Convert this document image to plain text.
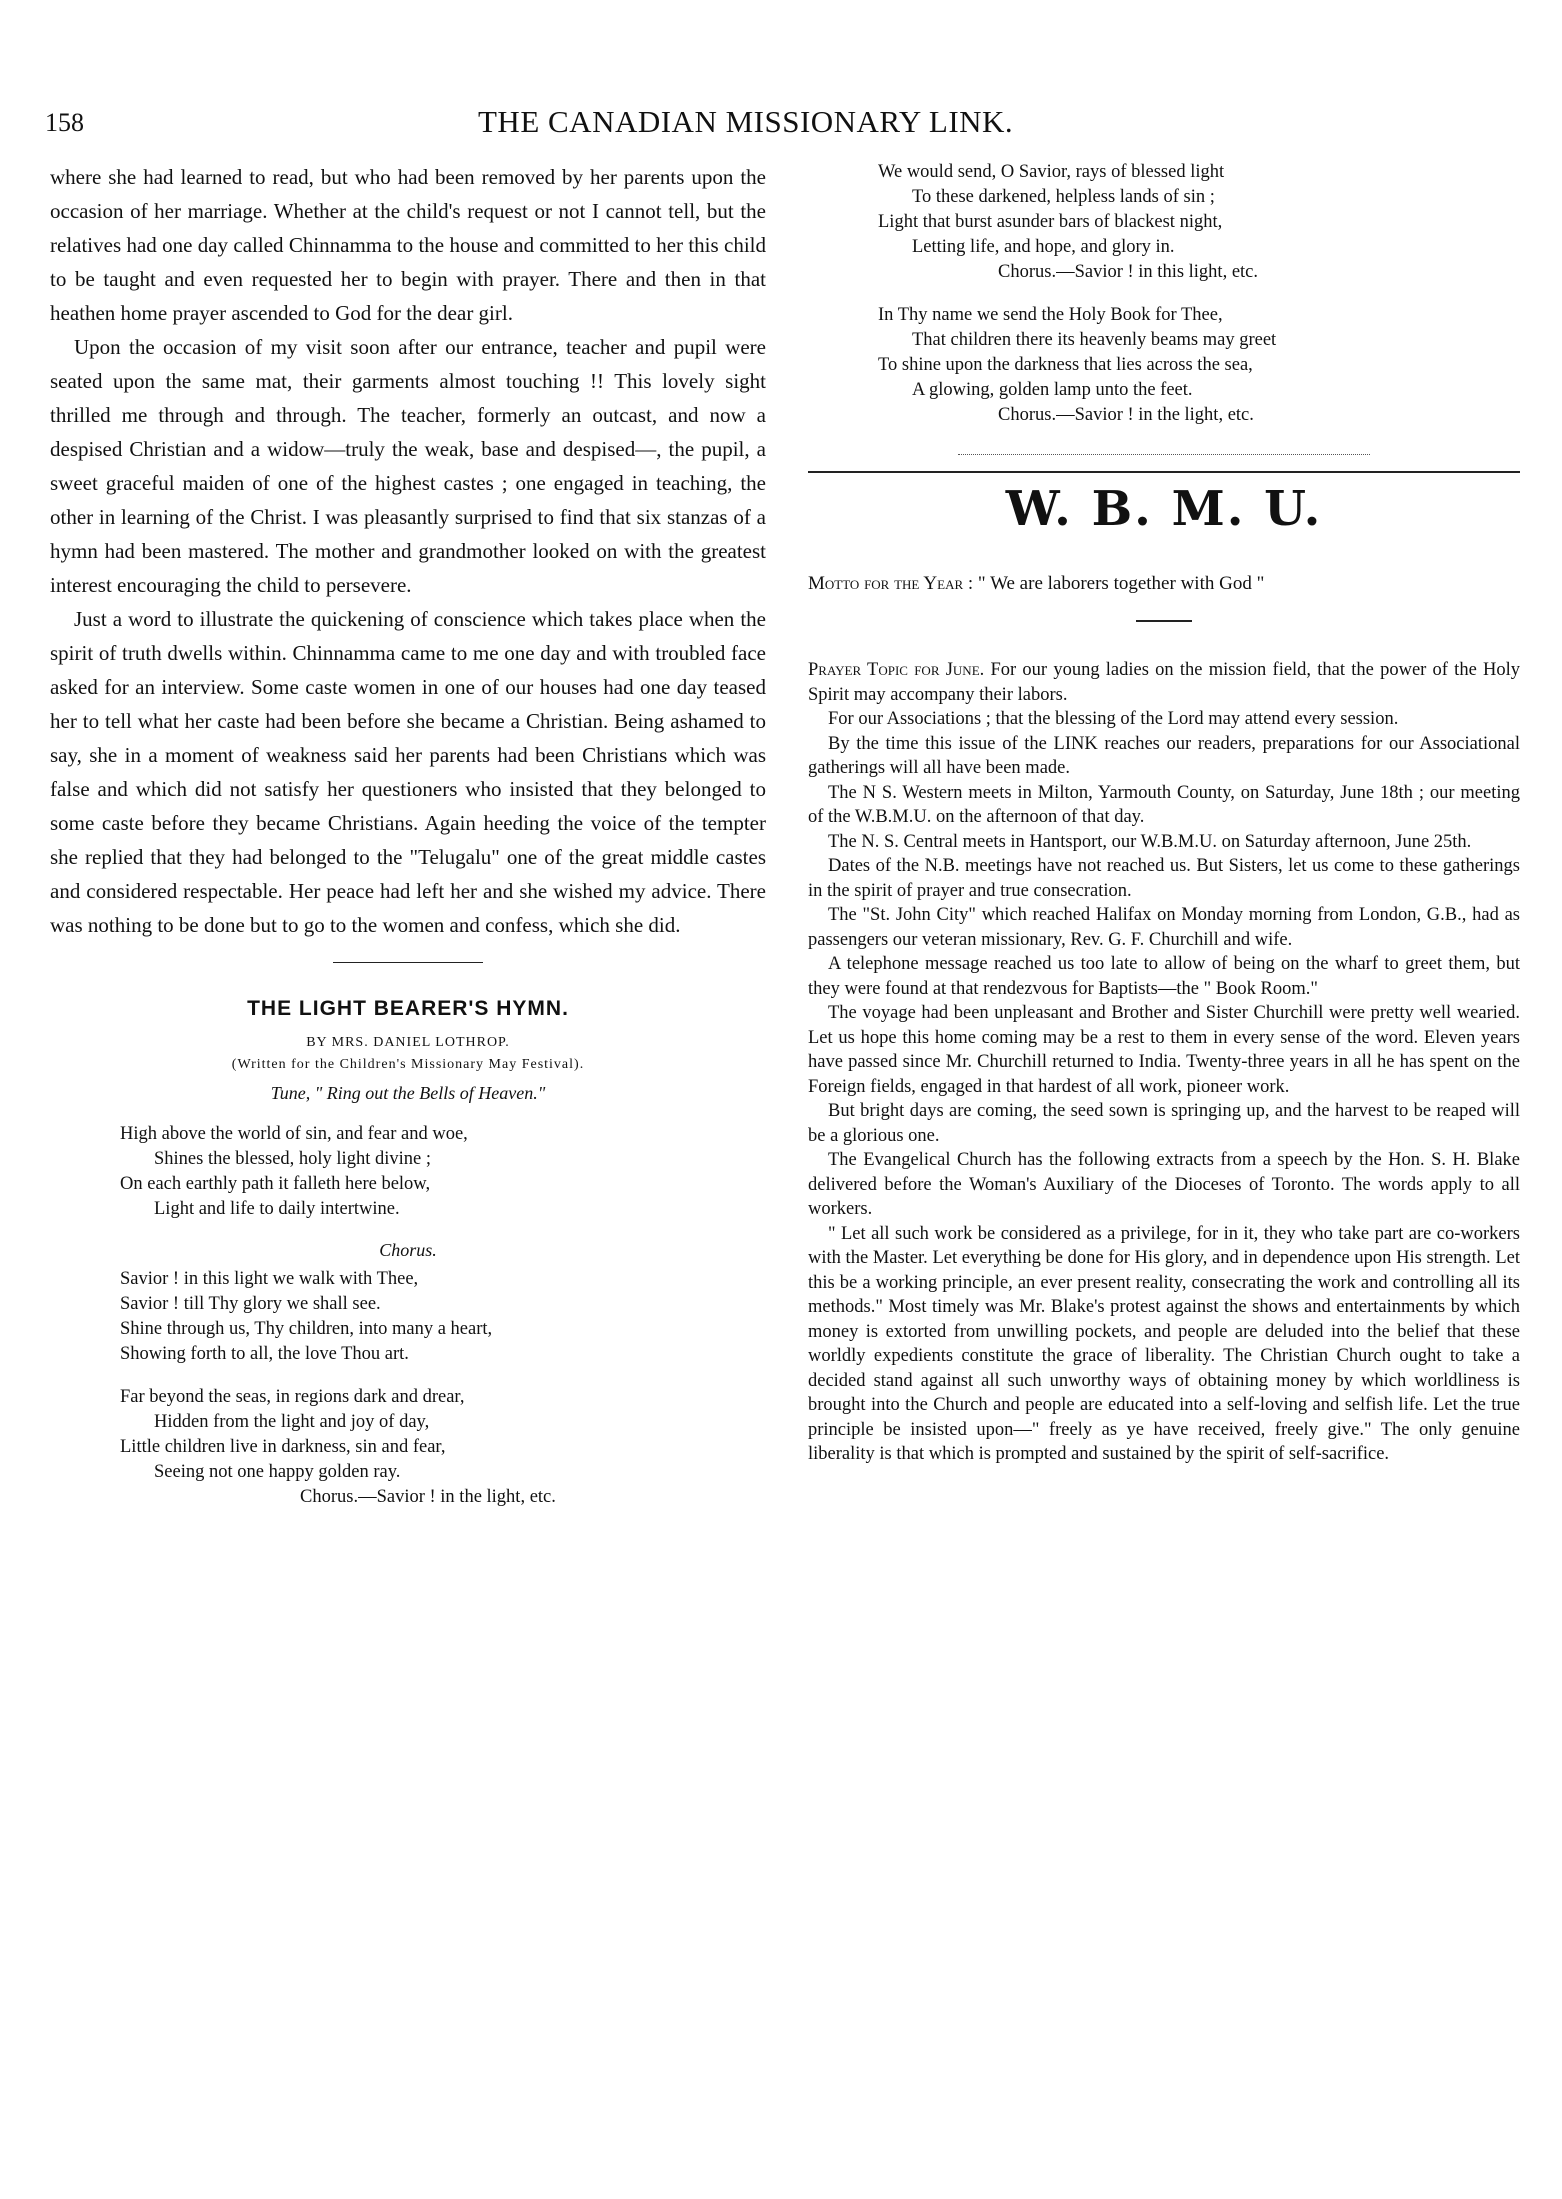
158	THE CANADIAN MISSIONARY LINK.

where she had learned to read, but who had been removed by her parents upon the occasion of her marriage. Whether at the child's request or not I cannot tell, but the relatives had one day called Chinnamma to the house and committed to her this child to be taught and even requested her to begin with prayer. There and then in that heathen home prayer ascended to God for the dear girl.

Upon the occasion of my visit soon after our entrance, teacher and pupil were seated upon the same mat, their garments almost touching !! This lovely sight thrilled me through and through. The teacher, formerly an outcast, and now a despised Christian and a widow—truly the weak, base and despised—, the pupil, a sweet graceful maiden of one of the highest castes ; one engaged in teaching, the other in learning of the Christ. I was pleasantly surprised to find that six stanzas of a hymn had been mastered. The mother and grandmother looked on with the greatest interest encouraging the child to persevere.

Just a word to illustrate the quickening of conscience which takes place when the spirit of truth dwells within. Chinnamma came to me one day and with troubled face asked for an interview. Some caste women in one of our houses had one day teased her to tell what her caste had been before she became a Christian. Being ashamed to say, she in a moment of weakness said her parents had been Christians which was false and which did not satisfy her questioners who insisted that they belonged to some caste before they became Christians. Again heeding the voice of the tempter she replied that they had belonged to the "Telugalu" one of the great middle castes and considered respectable. Her peace had left her and she wished my advice. There was nothing to be done but to go to the women and confess, which she did.

THE LIGHT BEARER'S HYMN.
BY MRS. DANIEL LOTHROP.
(Written for the Children's Missionary May Festival).
Tune, " Ring out the Bells of Heaven."
High above the world of sin, and fear and woe,
Shines the blessed, holy light divine ;
On each earthly path it falleth here below,
Light and life to daily intertwine.
Chorus.
Savior ! in this light we walk with Thee,
Savior ! till Thy glory we shall see.
Shine through us, Thy children, into many a heart,
Showing forth to all, the love Thou art.
Far beyond the seas, in regions dark and drear,
Hidden from the light and joy of day,
Little children live in darkness, sin and fear,
Seeing not one happy golden ray.
Chorus.—Savior ! in the light, etc.
We would send, O Savior, rays of blessed light
To these darkened, helpless lands of sin ;
Light that burst asunder bars of blackest night,
Letting life, and hope, and glory in.
Chorus.—Savior ! in this light, etc.
In Thy name we send the Holy Book for Thee,
That children there its heavenly beams may greet
To shine upon the darkness that lies across the sea,
A glowing, golden lamp unto the feet.
Chorus.—Savior ! in the light, etc.
W. B. M. U.

Motto for the Year : " We are laborers together with God "

Prayer Topic for June. For our young ladies on the mission field, that the power of the Holy Spirit may accompany their labors.

For our Associations ; that the blessing of the Lord may attend every session.

By the time this issue of the LINK reaches our readers, preparations for our Associational gatherings will all have been made.

The N S. Western meets in Milton, Yarmouth County, on Saturday, June 18th ; our meeting of the W.B.M.U. on the afternoon of that day.

The N. S. Central meets in Hantsport, our W.B.M.U. on Saturday afternoon, June 25th.

Dates of the N.B. meetings have not reached us. But Sisters, let us come to these gatherings in the spirit of prayer and true consecration.

The "St. John City" which reached Halifax on Monday morning from London, G.B., had as passengers our veteran missionary, Rev. G. F. Churchill and wife.

A telephone message reached us too late to allow of being on the wharf to greet them, but they were found at that rendezvous for Baptists—the " Book Room."

The voyage had been unpleasant and Brother and Sister Churchill were pretty well wearied. Let us hope this home coming may be a rest to them in every sense of the word. Eleven years have passed since Mr. Churchill returned to India. Twenty-three years in all he has spent on the Foreign fields, engaged in that hardest of all work, pioneer work.

But bright days are coming, the seed sown is springing up, and the harvest to be reaped will be a glorious one.

The Evangelical Church has the following extracts from a speech by the Hon. S. H. Blake delivered before the Woman's Auxiliary of the Dioceses of Toronto. The words apply to all workers.

" Let all such work be considered as a privilege, for in it, they who take part are co-workers with the Master. Let everything be done for His glory, and in dependence upon His strength. Let this be a working principle, an ever present reality, consecrating the work and controlling all its methods." Most timely was Mr. Blake's protest against the shows and entertainments by which money is extorted from unwilling pockets, and people are deluded into the belief that these worldly expedients constitute the grace of liberality. The Christian Church ought to take a decided stand against all such unworthy ways of obtaining money by which worldliness is brought into the Church and people are educated into a self-loving and selfish life. Let the true principle be insisted upon—" freely as ye have received, freely give." The only genuine liberality is that which is prompted and sustained by the spirit of self-sacrifice.
